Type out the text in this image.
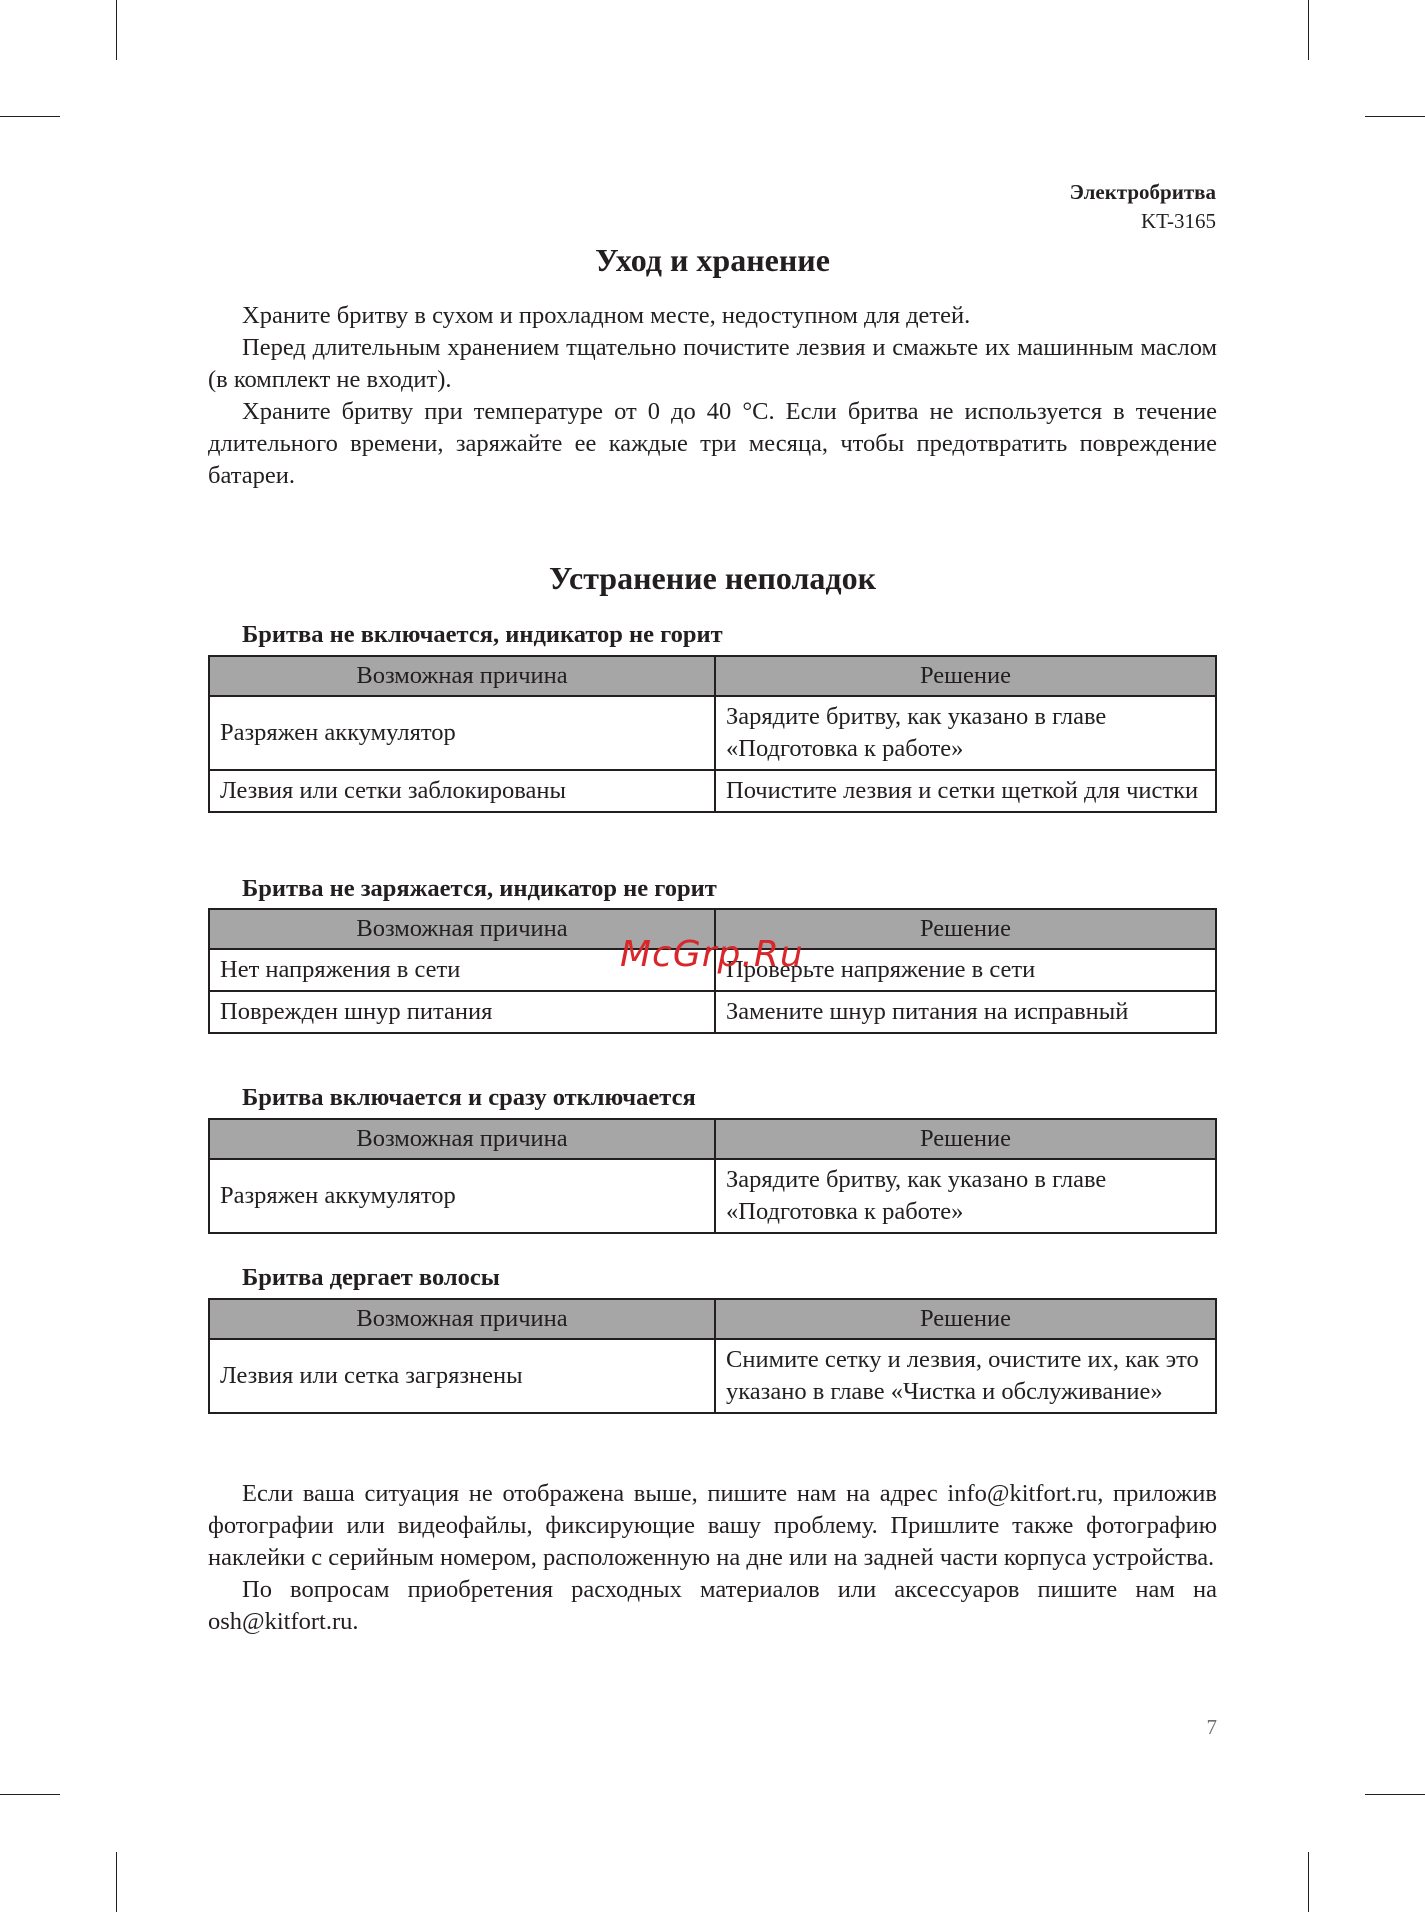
Электробритва
KT-3165
Уход и хранение

Храните бритву в сухом и прохладном месте, недоступном для детей.

Перед длительным хранением тщательно почистите лезвия и смажьте их машинным маслом (в комплект не входит).

Храните бритву при температуре от 0 до 40 °C. Если бритва не используется в течение длительного времени, заряжайте ее каждые три месяца, чтобы предотвратить повреждение батареи.

Устранение неполадок
Бритва не включается, индикатор не горит
Возможная причина	Решение
Разряжен аккумулятор	Зарядите бритву, как указано в главе «Подготовка к работе»
Лезвия или сетки заблокированы	Почистите лезвия и сетки щеткой для чистки
Бритва не заряжается, индикатор не горит
Возможная причина	Решение
Нет напряжения в сети	Проверьте напряжение в сети
Поврежден шнур питания	Замените шнур питания на исправный
Бритва включается и сразу отключается
Возможная причина	Решение
Разряжен аккумулятор	Зарядите бритву, как указано в главе «Подготовка к работе»
Бритва дергает волосы
Возможная причина	Решение
Лезвия или сетка загрязнены	Снимите сетку и лезвия, очистите их, как это указано в главе «Чистка и обслуживание»

Если ваша ситуация не отображена выше, пишите нам на адрес info@kitfort.ru, приложив фотографии или видеофайлы, фиксирующие вашу проблему. Пришлите также фотографию наклейки с серийным номером, расположенную на дне или на задней части корпуса устройства.

По вопросам приобретения расходных материалов или аксессуаров пишите нам на osh@kitfort.ru.

McGrp.Ru
7
